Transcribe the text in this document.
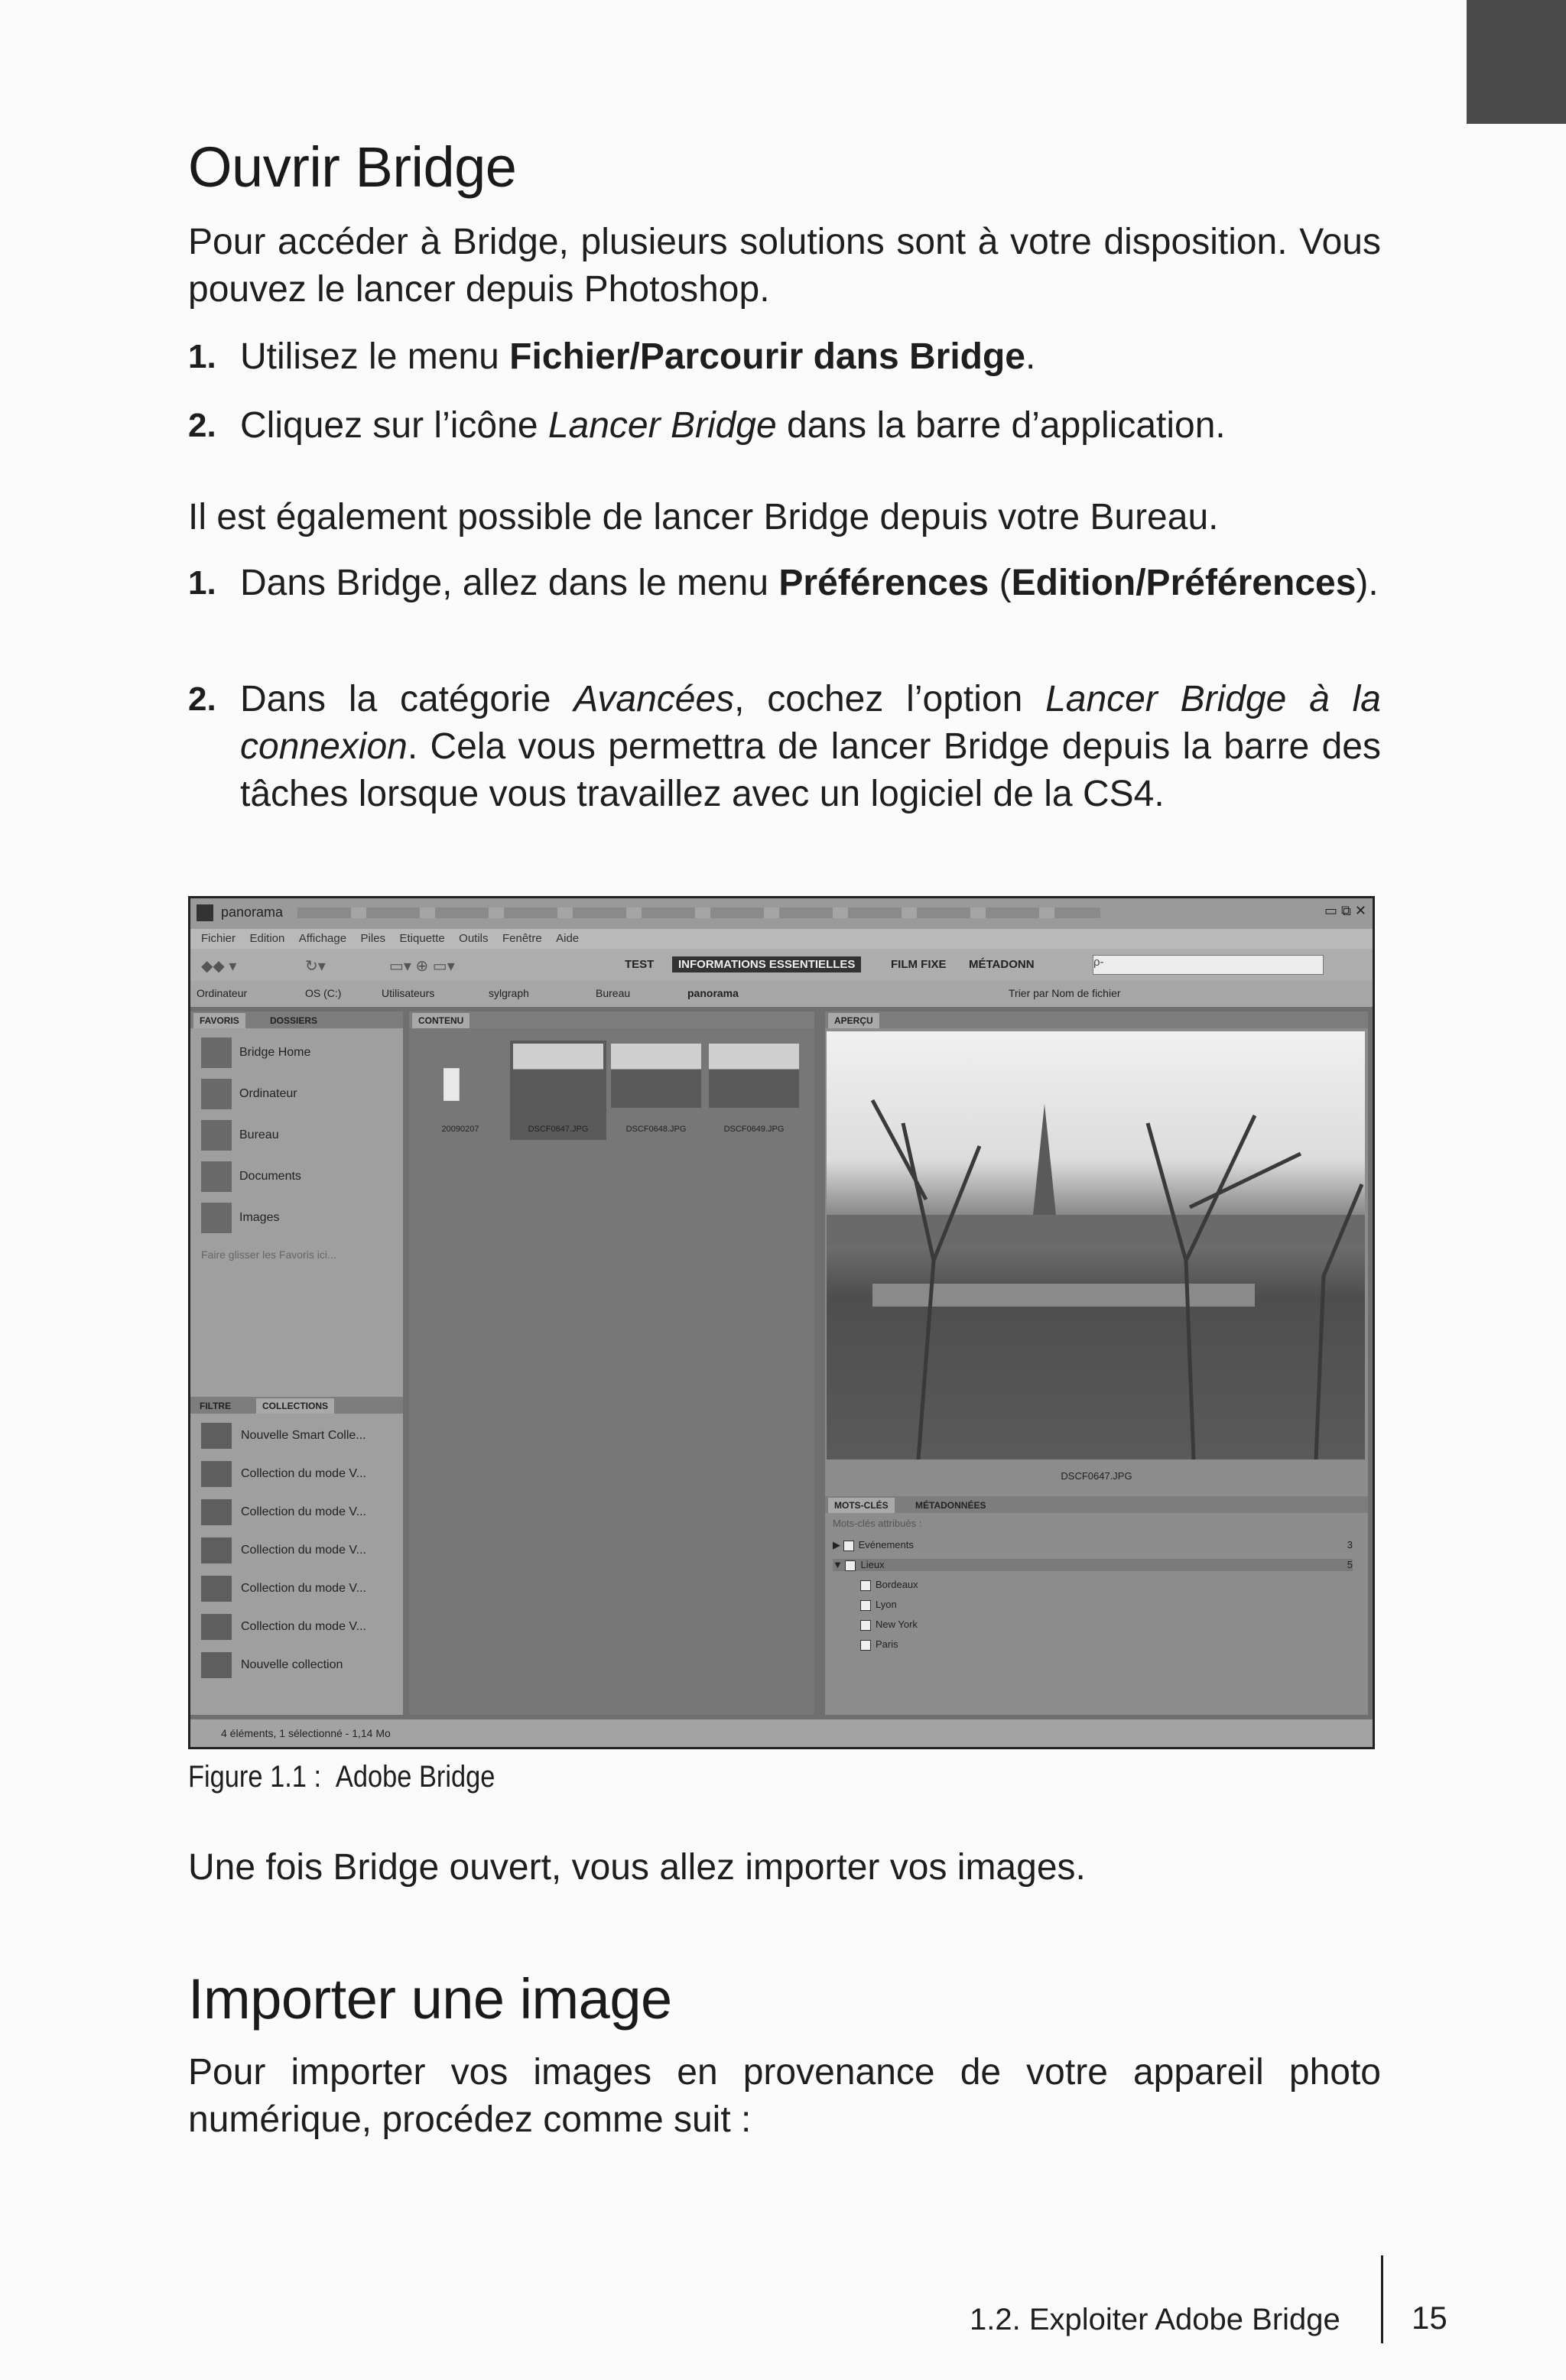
Ouvrir Bridge

Pour accéder à Bridge, plusieurs solutions sont à votre disposition. Vous pouvez le lancer depuis Photoshop.

1. Utilisez le menu Fichier/Parcourir dans Bridge.
2. Cliquez sur l’icône Lancer Bridge dans la barre d’application.

Il est également possible de lancer Bridge depuis votre Bureau.

1. Dans Bridge, allez dans le menu Préférences (Edition/Préférences).
2. Dans la catégorie Avancées, cochez l’option Lancer Bridge à la connexion. Cela vous permettra de lancer Bridge depuis la barre des tâches lorsque vous travaillez avec un logiciel de la CS4.
panorama	▭ ⧉ ✕
Fichier Edition Affichage Piles Etiquette Outils Fenêtre Aide
◆◆ ▾	↻▾	▭▾ ⊕ ▭▾	TEST	INFORMATIONS ESSENTIELLES	FILM FIXE	MÉTADONN	ρ-
Ordinateur	OS (C:)	Utilisateurs	sylgraph	Bureau	panorama	Trier par Nom de fichier
FAVORIS	DOSSIERS
Bridge Home
Ordinateur
Bureau
Documents
Images
Faire glisser les Favoris ici...
FILTRE	COLLECTIONS
Nouvelle Smart Colle...
Collection du mode V...
Collection du mode V...
Collection du mode V...
Collection du mode V...
Collection du mode V...
Nouvelle collection
CONTENU
▮
20090207	DSCF0647.JPG	DSCF0648.JPG	DSCF0649.JPG
APERÇU
DSCF0647.JPG
MOTS-CLÉS	MÉTADONNÉES
Mots-clés attribués :
▶ Evénements	3
▼ Lieux	5
Bordeaux
Lyon
New York
Paris
4 éléments, 1 sélectionné - 1,14 Mo
Figure 1.1 : Adobe Bridge

Une fois Bridge ouvert, vous allez importer vos images.

Importer une image

Pour importer vos images en provenance de votre appareil photo numérique, procédez comme suit :

1.2. Exploiter Adobe Bridge 15
